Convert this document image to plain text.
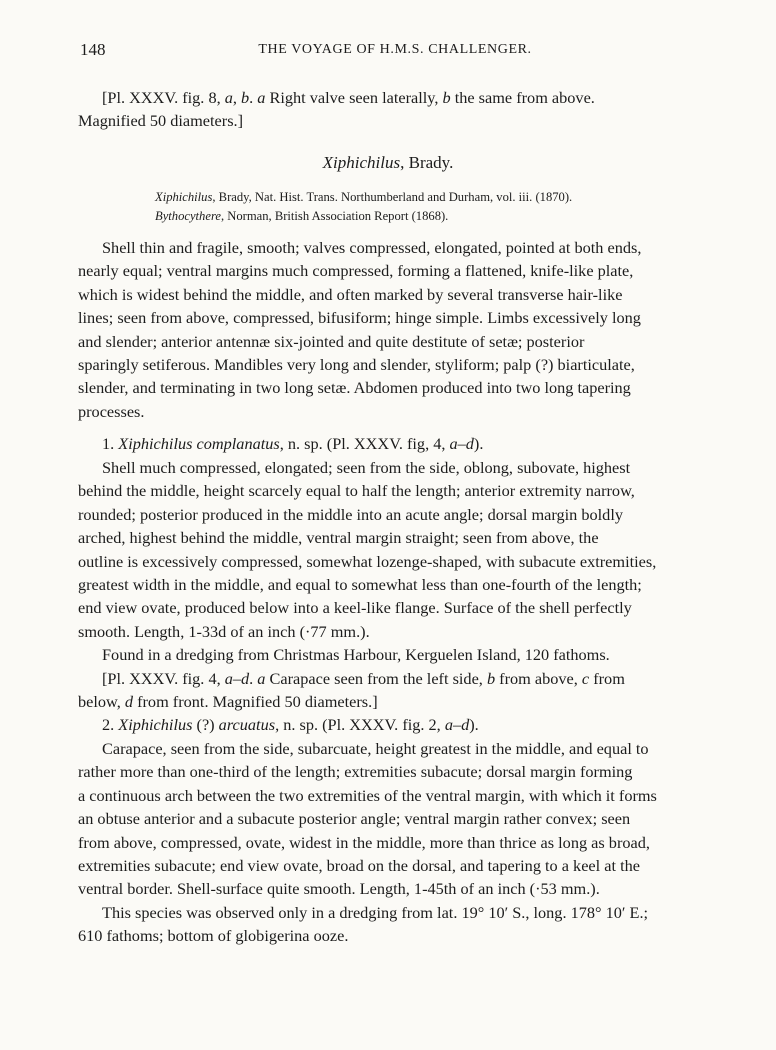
148	THE VOYAGE OF H.M.S. CHALLENGER.
[Pl. XXXV. fig. 8, a, b. a Right valve seen laterally, b the same from above.
Magnified 50 diameters.]
Xiphichilus, Brady.
Xiphichilus, Brady, Nat. Hist. Trans. Northumberland and Durham, vol. iii. (1870).
Bythocythere, Norman, British Association Report (1868).
Shell thin and fragile, smooth; valves compressed, elongated, pointed at both ends,
nearly equal; ventral margins much compressed, forming a flattened, knife-like plate,
which is widest behind the middle, and often marked by several transverse hair-like
lines; seen from above, compressed, bifusiform; hinge simple. Limbs excessively long
and slender; anterior antennæ six-jointed and quite destitute of setæ; posterior
sparingly setiferous. Mandibles very long and slender, styliform; palp (?) biarticulate,
slender, and terminating in two long setæ. Abdomen produced into two long tapering
processes.
1. Xiphichilus complanatus, n. sp. (Pl. XXXV. fig, 4, a–d).
Shell much compressed, elongated; seen from the side, oblong, subovate, highest
behind the middle, height scarcely equal to half the length; anterior extremity narrow,
rounded; posterior produced in the middle into an acute angle; dorsal margin boldly
arched, highest behind the middle, ventral margin straight; seen from above, the
outline is excessively compressed, somewhat lozenge-shaped, with subacute extremities,
greatest width in the middle, and equal to somewhat less than one-fourth of the length;
end view ovate, produced below into a keel-like flange. Surface of the shell perfectly
smooth. Length, 1-33d of an inch (·77 mm.).
Found in a dredging from Christmas Harbour, Kerguelen Island, 120 fathoms.
[Pl. XXXV. fig. 4, a–d. a Carapace seen from the left side, b from above, c from
below, d from front. Magnified 50 diameters.]
2. Xiphichilus (?) arcuatus, n. sp. (Pl. XXXV. fig. 2, a–d).
Carapace, seen from the side, subarcuate, height greatest in the middle, and equal to
rather more than one-third of the length; extremities subacute; dorsal margin forming
a continuous arch between the two extremities of the ventral margin, with which it forms
an obtuse anterior and a subacute posterior angle; ventral margin rather convex; seen
from above, compressed, ovate, widest in the middle, more than thrice as long as broad,
extremities subacute; end view ovate, broad on the dorsal, and tapering to a keel at the
ventral border. Shell-surface quite smooth. Length, 1-45th of an inch (·53 mm.).
This species was observed only in a dredging from lat. 19° 10′ S., long. 178° 10′ E.;
610 fathoms; bottom of globigerina ooze.
